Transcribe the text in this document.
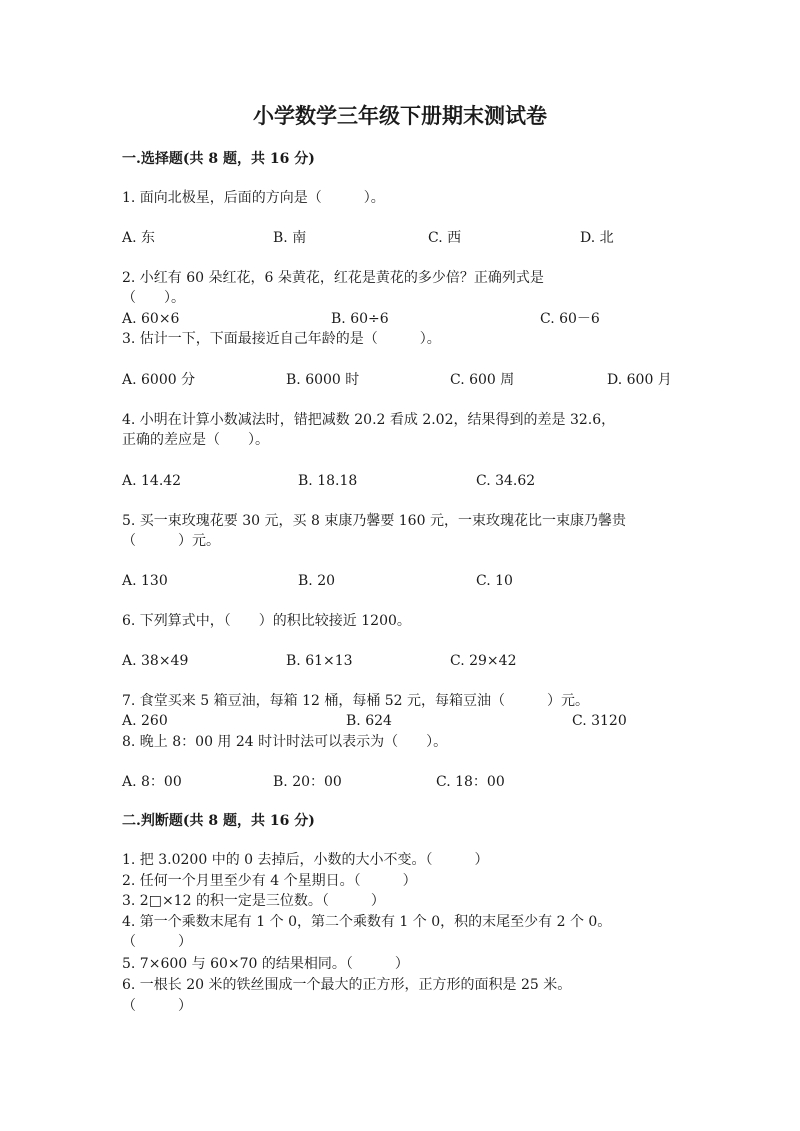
小学数学三年级下册期末测试卷
一.选择题(共 8 题，共 16 分)
1. 面向北极星，后面的方向是（　　　）。
A. 东	B. 南	C. 西	D. 北
2. 小红有 60 朵红花，6 朵黄花，红花是黄花的多少倍？正确列式是
（　　）。
A. 60×6	B. 60÷6	C. 60－6
3. 估计一下，下面最接近自己年龄的是（　　　）。
A. 6000 分	B. 6000 时	C. 600 周	D. 600 月
4. 小明在计算小数减法时，错把减数 20.2 看成 2.02，结果得到的差是 32.6，
正确的差应是（　　）。
A. 14.42	B. 18.18	C. 34.62
5. 买一束玫瑰花要 30 元，买 8 束康乃馨要 160 元，一束玫瑰花比一束康乃馨贵
（　　　）元。
A. 130	B. 20	C. 10
6. 下列算式中，（　　）的积比较接近 1200。
A. 38×49	B. 61×13	C. 29×42
7. 食堂买来 5 箱豆油，每箱 12 桶，每桶 52 元，每箱豆油（　　　）元。
A. 260	B. 624	C. 3120
8. 晚上 8：00 用 24 时计时法可以表示为（　　）。
A. 8：00	B. 20：00	C. 18：00
二.判断题(共 8 题，共 16 分)
1. 把 3.0200 中的 0 去掉后，小数的大小不变。（　　　）
2. 任何一个月里至少有 4 个星期日。（　　　）
3. 2□×12 的积一定是三位数。（　　　）
4. 第一个乘数末尾有 1 个 0，第二个乘数有 1 个 0，积的末尾至少有 2 个 0。
（　　　）
5. 7×600 与 60×70 的结果相同。（　　　）
6. 一根长 20 米的铁丝围成一个最大的正方形，正方形的面积是 25 米。
（　　　）
